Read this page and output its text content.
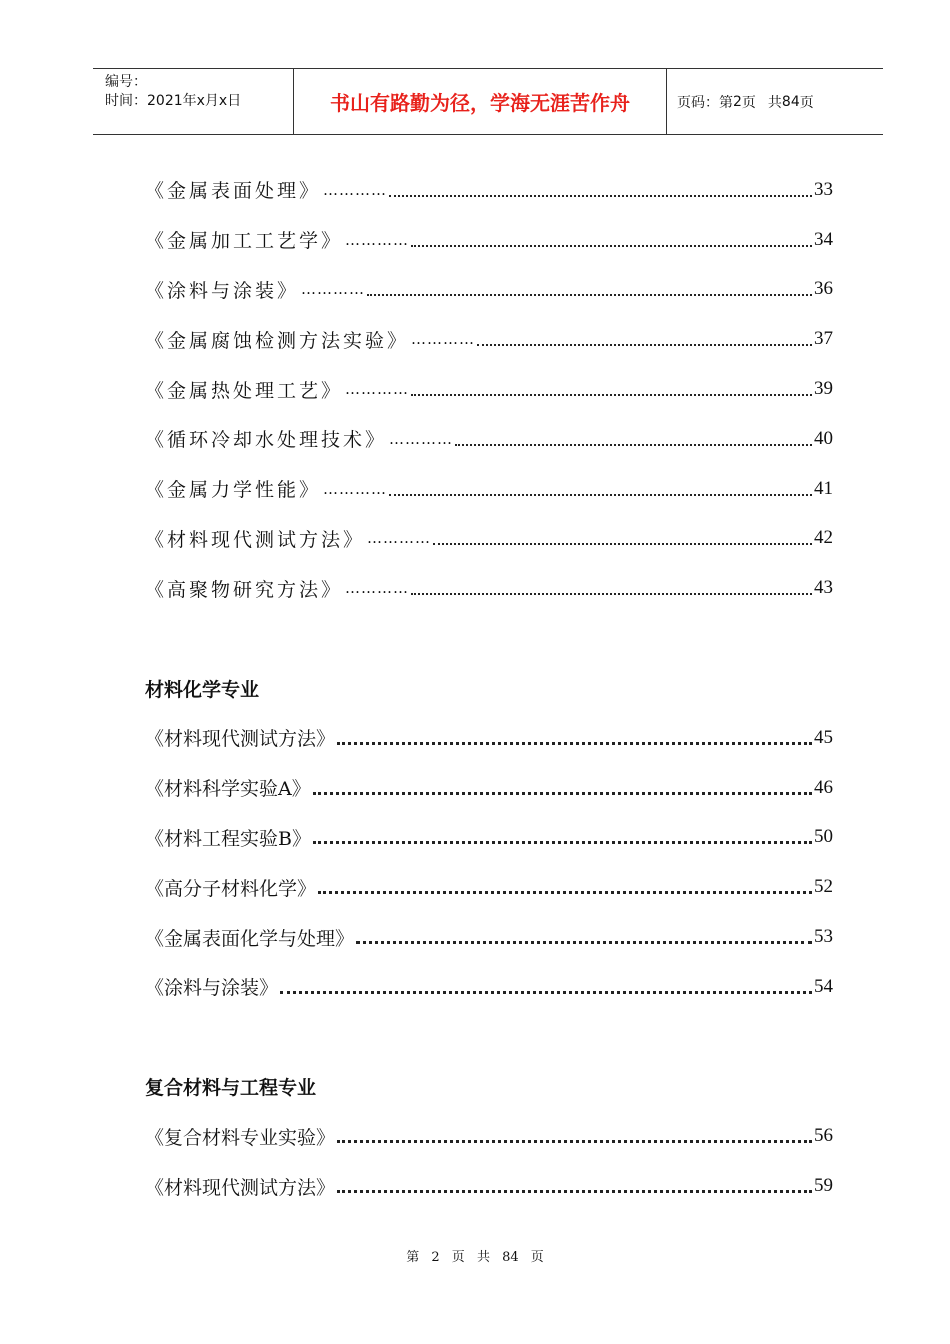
编号：
时间：2021年x月x日	书山有路勤为径，学海无涯苦作舟	页码：第 2 页 共 84 页
《金属表面处理》 …………	33
《金属加工工艺学》 …………	34
《涂料与涂装》 …………	36
《金属腐蚀检测方法实验》 …………	37
《金属热处理工艺》 …………	39
《循环冷却水处理技术》 …………	40
《金属力学性能》 …………	41
《材料现代测试方法》 …………	42
《高聚物研究方法》 …………	43
材料化学专业
《材料现代测试方法》	45
《材料科学实验A》	46
《材料工程实验B》	50
《高分子材料化学》	52
《金属表面化学与处理》	53
《涂料与涂装》	54
复合材料与工程专业
《复合材料专业实验》	56
《材料现代测试方法》	59
第 2 页 共 84 页
